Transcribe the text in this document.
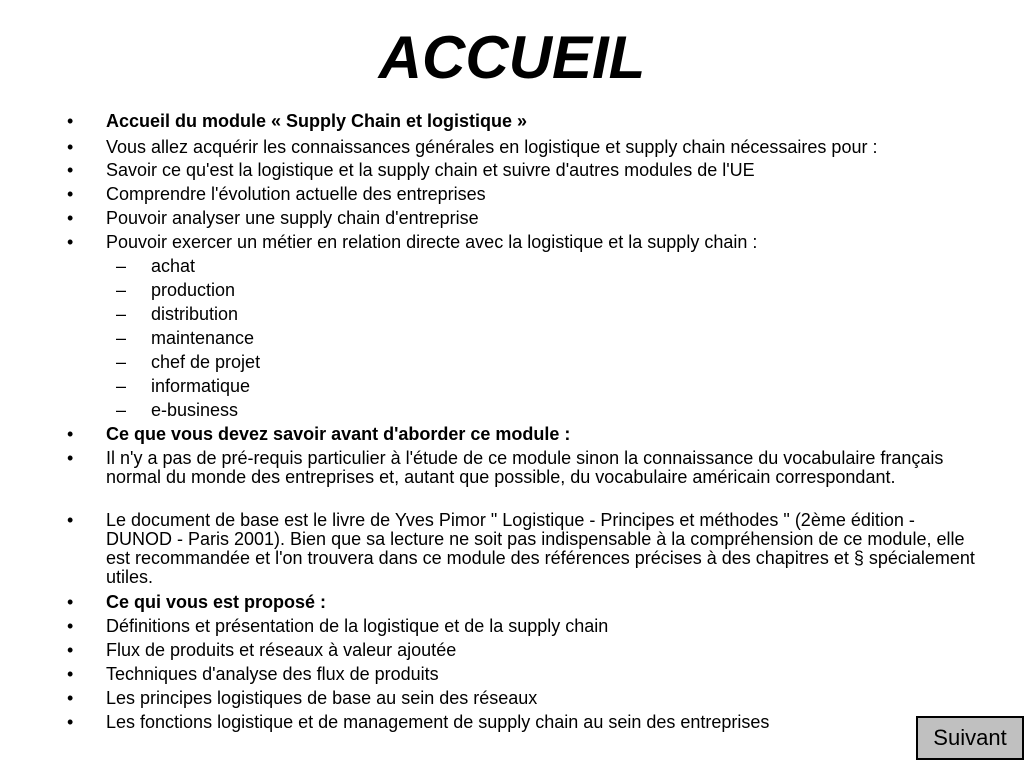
ACCUEIL
• Accueil du module « Supply Chain et logistique »
• Vous allez acquérir les connaissances générales en logistique et supply chain nécessaires pour :
• Savoir ce qu'est la logistique et la supply chain et suivre d'autres modules de l'UE
• Comprendre l'évolution actuelle des entreprises
• Pouvoir analyser une supply chain d'entreprise
• Pouvoir exercer un métier en relation directe avec la logistique et la supply chain :
– achat
– production
– distribution
– maintenance
– chef de projet
– informatique
– e-business
• Ce que vous devez savoir avant d'aborder ce module :
• Il n'y a pas de pré-requis particulier à l'étude de ce module sinon la connaissance du vocabulaire français normal du monde des entreprises et, autant que possible, du vocabulaire américain correspondant.
• Le document de base est le livre de Yves Pimor " Logistique - Principes et méthodes " (2ème édition - DUNOD - Paris 2001). Bien que sa lecture ne soit pas indispensable à la compréhension de ce module, elle est recommandée et l'on trouvera dans ce module des références précises à des chapitres et § spécialement utiles.
• Ce qui vous est proposé :
• Définitions et présentation de la logistique et de la supply chain
• Flux de produits et réseaux à valeur ajoutée
• Techniques d'analyse des flux de produits
• Les principes logistiques de base au sein des réseaux
• Les fonctions logistique et de management de supply chain au sein des entreprises
Suivant
